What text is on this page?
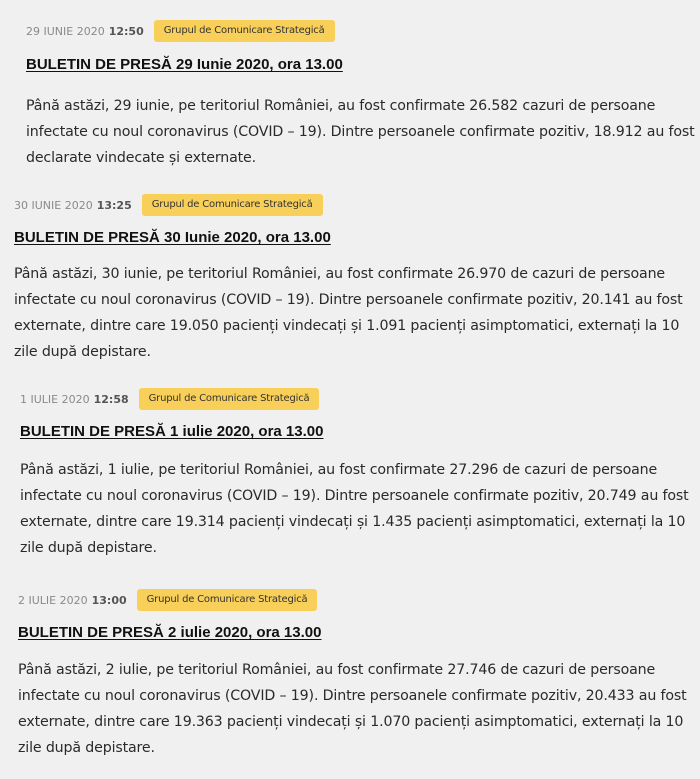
29 IUNIE 2020 12:50	Grupul de Comunicare Strategică
BULETIN DE PRESĂ 29 Iunie 2020, ora 13.00
Până astăzi, 29 iunie, pe teritoriul României, au fost confirmate 26.582 cazuri de persoane
infectate cu noul coronavirus (COVID – 19). Dintre persoanele confirmate pozitiv, 18.912 au fost
declarate vindecate și externate.
30 IUNIE 2020 13:25	Grupul de Comunicare Strategică
BULETIN DE PRESĂ 30 Iunie 2020, ora 13.00
Până astăzi, 30 iunie, pe teritoriul României, au fost confirmate 26.970 de cazuri de persoane
infectate cu noul coronavirus (COVID – 19). Dintre persoanele confirmate pozitiv, 20.141 au fost
externate, dintre care 19.050 pacienți vindecați și 1.091 pacienți asimptomatici, externați la 10
zile după depistare.
1 IULIE 2020 12:58	Grupul de Comunicare Strategică
BULETIN DE PRESĂ 1 iulie 2020, ora 13.00
Până astăzi, 1 iulie, pe teritoriul României, au fost confirmate 27.296 de cazuri de persoane
infectate cu noul coronavirus (COVID – 19). Dintre persoanele confirmate pozitiv, 20.749 au fost
externate, dintre care 19.314 pacienți vindecați și 1.435 pacienți asimptomatici, externați la 10
zile după depistare.
2 IULIE 2020 13:00	Grupul de Comunicare Strategică
BULETIN DE PRESĂ 2 iulie 2020, ora 13.00
Până astăzi, 2 iulie, pe teritoriul României, au fost confirmate 27.746 de cazuri de persoane
infectate cu noul coronavirus (COVID – 19). Dintre persoanele confirmate pozitiv, 20.433 au fost
externate, dintre care 19.363 pacienți vindecați și 1.070 pacienți asimptomatici, externați la 10
zile după depistare.
